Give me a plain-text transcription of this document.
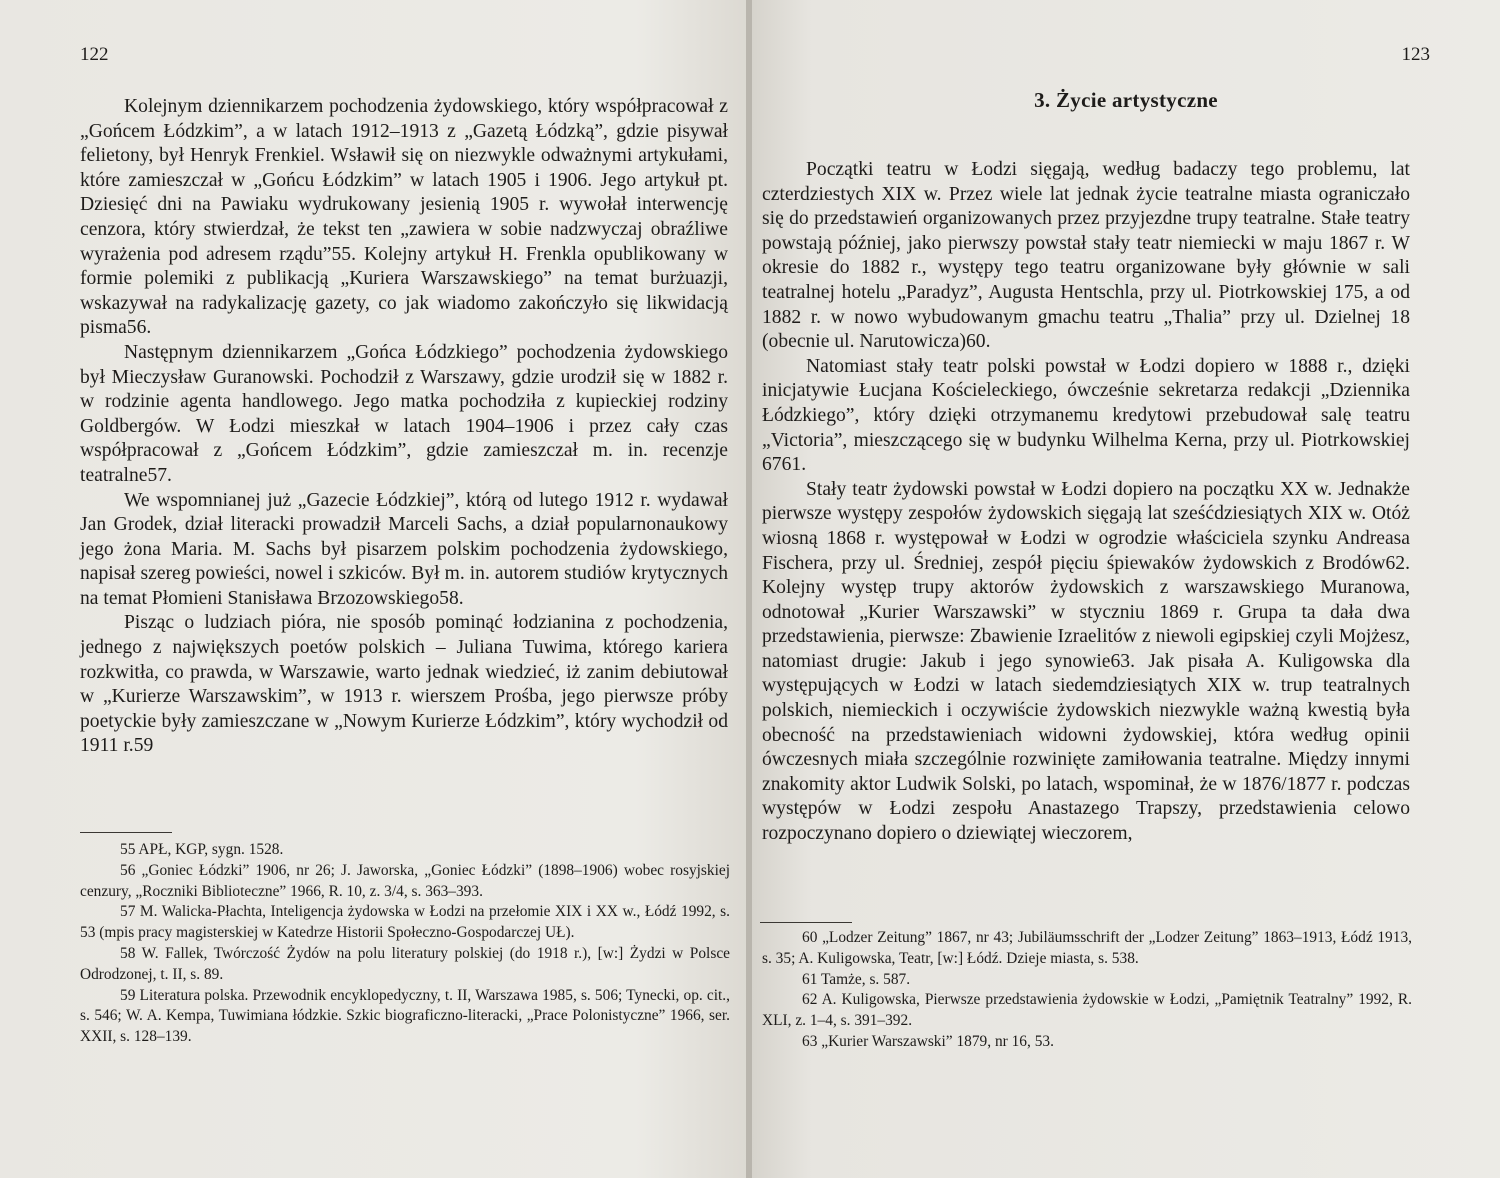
122

Kolejnym dziennikarzem pochodzenia żydowskiego, który współpracował z „Gońcem Łódzkim”, a w latach 1912–1913 z „Gazetą Łódzką”, gdzie pisywał felietony, był Henryk Frenkiel. Wsławił się on niezwykle odważnymi artykułami, które zamieszczał w „Gońcu Łódzkim” w latach 1905 i 1906. Jego artykuł pt. Dziesięć dni na Pawiaku wydrukowany jesienią 1905 r. wywołał interwencję cenzora, który stwierdzał, że tekst ten „zawiera w sobie nadzwyczaj obraźliwe wyrażenia pod adresem rządu”55. Kolejny artykuł H. Frenkla opublikowany w formie polemiki z publikacją „Kuriera Warszawskiego” na temat burżuazji, wskazywał na radykalizację gazety, co jak wiadomo zakończyło się likwidacją pisma56.

Następnym dziennikarzem „Gońca Łódzkiego” pochodzenia żydowskiego był Mieczysław Guranowski. Pochodził z Warszawy, gdzie urodził się w 1882 r. w rodzinie agenta handlowego. Jego matka pochodziła z kupieckiej rodziny Goldbergów. W Łodzi mieszkał w latach 1904–1906 i przez cały czas współpracował z „Gońcem Łódzkim”, gdzie zamieszczał m. in. recenzje teatralne57.

We wspomnianej już „Gazecie Łódzkiej”, którą od lutego 1912 r. wydawał Jan Grodek, dział literacki prowadził Marceli Sachs, a dział popularnonaukowy jego żona Maria. M. Sachs był pisarzem polskim pochodzenia żydowskiego, napisał szereg powieści, nowel i szkiców. Był m. in. autorem studiów krytycznych na temat Płomieni Stanisława Brzozowskiego58.

Pisząc o ludziach pióra, nie sposób pominąć łodzianina z pochodzenia, jednego z największych poetów polskich – Juliana Tuwima, którego kariera rozkwitła, co prawda, w Warszawie, warto jednak wiedzieć, iż zanim debiutował w „Kurierze Warszawskim”, w 1913 r. wierszem Prośba, jego pierwsze próby poetyckie były zamieszczane w „Nowym Kurierze Łódzkim”, który wychodził od 1911 r.59

55 APŁ, KGP, sygn. 1528.

56 „Goniec Łódzki” 1906, nr 26; J. Jaworska, „Goniec Łódzki” (1898–1906) wobec rosyjskiej cenzury, „Roczniki Biblioteczne” 1966, R. 10, z. 3/4, s. 363–393.

57 M. Walicka-Płachta, Inteligencja żydowska w Łodzi na przełomie XIX i XX w., Łódź 1992, s. 53 (mpis pracy magisterskiej w Katedrze Historii Społeczno-Gospodarczej UŁ).

58 W. Fallek, Twórczość Żydów na polu literatury polskiej (do 1918 r.), [w:] Żydzi w Polsce Odrodzonej, t. II, s. 89.

59 Literatura polska. Przewodnik encyklopedyczny, t. II, Warszawa 1985, s. 506; Tynecki, op. cit., s. 546; W. A. Kempa, Tuwimiana łódzkie. Szkic biograficzno-literacki, „Prace Polonistyczne” 1966, ser. XXII, s. 128–139.

123
3. Życie artystyczne

Początki teatru w Łodzi sięgają, według badaczy tego problemu, lat czterdziestych XIX w. Przez wiele lat jednak życie teatralne miasta ograniczało się do przedstawień organizowanych przez przyjezdne trupy teatralne. Stałe teatry powstają później, jako pierwszy powstał stały teatr niemiecki w maju 1867 r. W okresie do 1882 r., występy tego teatru organizowane były głównie w sali teatralnej hotelu „Paradyz”, Augusta Hentschla, przy ul. Piotrkowskiej 175, a od 1882 r. w nowo wybudowanym gmachu teatru „Thalia” przy ul. Dzielnej 18 (obecnie ul. Narutowicza)60.

Natomiast stały teatr polski powstał w Łodzi dopiero w 1888 r., dzięki inicjatywie Łucjana Kościeleckiego, ówcześnie sekretarza redakcji „Dziennika Łódzkiego”, który dzięki otrzymanemu kredytowi przebudował salę teatru „Victoria”, mieszczącego się w budynku Wilhelma Kerna, przy ul. Piotrkowskiej 6761.

Stały teatr żydowski powstał w Łodzi dopiero na początku XX w. Jednakże pierwsze występy zespołów żydowskich sięgają lat sześćdziesiątych XIX w. Otóż wiosną 1868 r. występował w Łodzi w ogrodzie właściciela szynku Andreasa Fischera, przy ul. Średniej, zespół pięciu śpiewaków żydowskich z Brodów62. Kolejny występ trupy aktorów żydowskich z warszawskiego Muranowa, odnotował „Kurier Warszawski” w styczniu 1869 r. Grupa ta dała dwa przedstawienia, pierwsze: Zbawienie Izraelitów z niewoli egipskiej czyli Mojżesz, natomiast drugie: Jakub i jego synowie63. Jak pisała A. Kuligowska dla występujących w Łodzi w latach siedemdziesiątych XIX w. trup teatralnych polskich, niemieckich i oczywiście żydowskich niezwykle ważną kwestią była obecność na przedstawieniach widowni żydowskiej, która według opinii ówczesnych miała szczególnie rozwinięte zamiłowania teatralne. Między innymi znakomity aktor Ludwik Solski, po latach, wspominał, że w 1876/1877 r. podczas występów w Łodzi zespołu Anastazego Trapszy, przedstawienia celowo rozpoczynano dopiero o dziewiątej wieczorem,

60 „Lodzer Zeitung” 1867, nr 43; Jubiläumsschrift der „Lodzer Zeitung” 1863–1913, Łódź 1913, s. 35; A. Kuligowska, Teatr, [w:] Łódź. Dzieje miasta, s. 538.

61 Tamże, s. 587.

62 A. Kuligowska, Pierwsze przedstawienia żydowskie w Łodzi, „Pamiętnik Teatralny” 1992, R. XLI, z. 1–4, s. 391–392.

63 „Kurier Warszawski” 1879, nr 16, 53.
